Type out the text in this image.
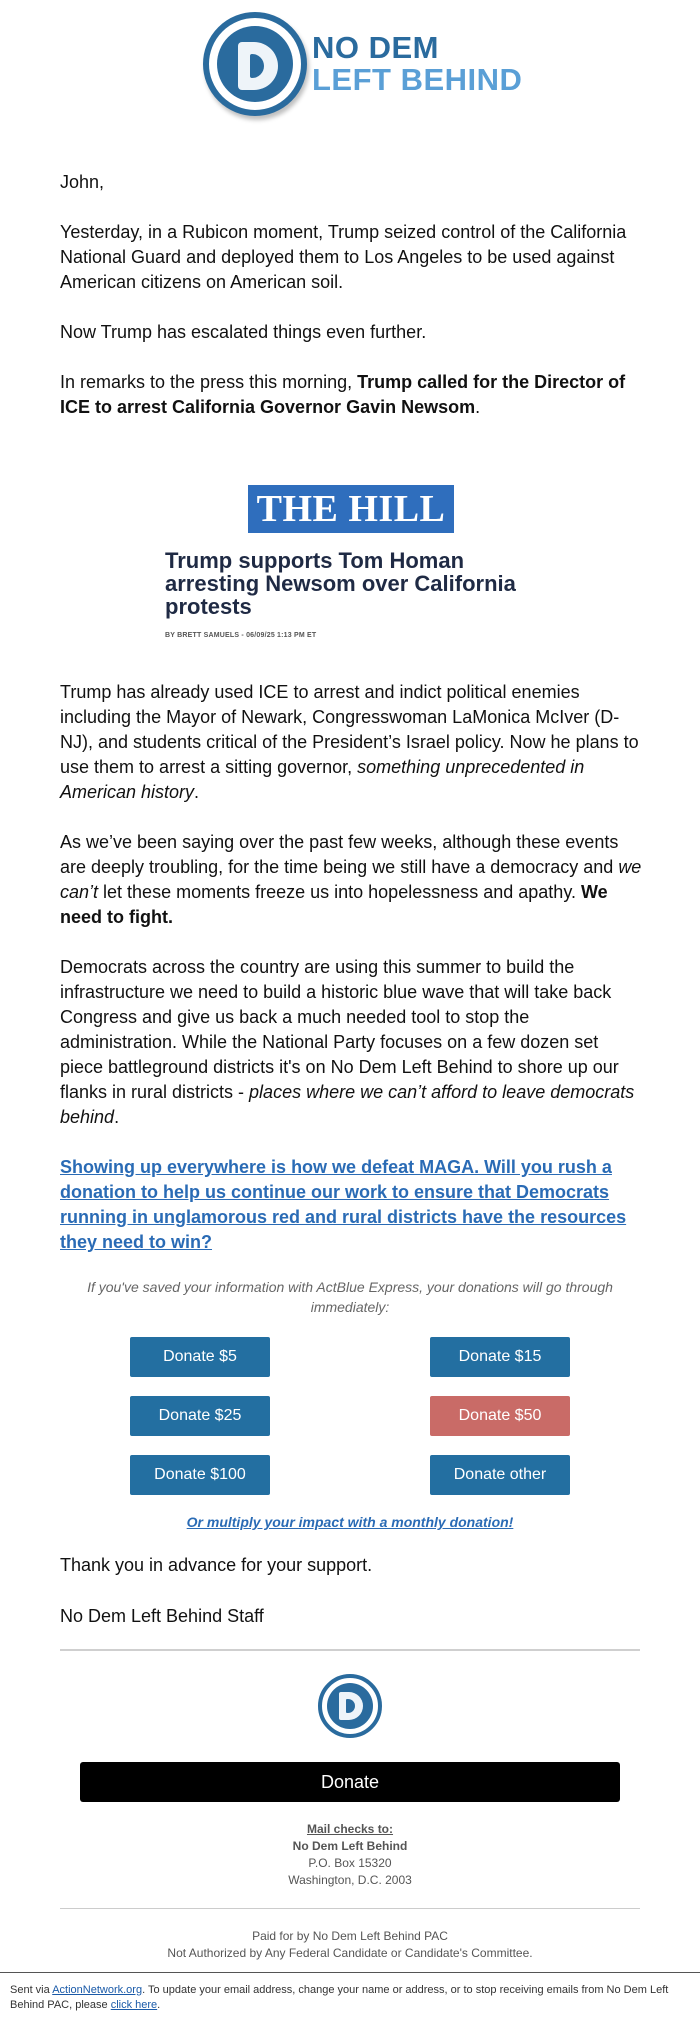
NO DEM
LEFT BEHIND
John,
Yesterday, in a Rubicon moment, Trump seized control of the California National Guard and deployed them to Los Angeles to be used against American citizens on American soil.
Now Trump has escalated things even further.
In remarks to the press this morning, Trump called for the Director of ICE to arrest California Governor Gavin Newsom.
THE HILL
Trump supports Tom Homan arresting Newsom over California protests
BY BRETT SAMUELS - 06/09/25 1:13 PM ET
Trump has already used ICE to arrest and indict political enemies including the Mayor of Newark, Congresswoman LaMonica McIver (D-NJ), and students critical of the President’s Israel policy. Now he plans to use them to arrest a sitting governor, something unprecedented in American history.
As we’ve been saying over the past few weeks, although these events are deeply troubling, for the time being we still have a democracy and we can’t let these moments freeze us into hopelessness and apathy. We need to fight.
Democrats across the country are using this summer to build the infrastructure we need to build a historic blue wave that will take back Congress and give us back a much needed tool to stop the administration. While the National Party focuses on a few dozen set piece battleground districts it's on No Dem Left Behind to shore up our flanks in rural districts - places where we can’t afford to leave democrats behind.
Showing up everywhere is how we defeat MAGA. Will you rush a donation to help us continue our work to ensure that Democrats running in unglamorous red and rural districts have the resources they need to win?
If you've saved your information with ActBlue Express, your donations will go through immediately:
Donate $5	Donate $15
Donate $25	Donate $50
Donate $100	Donate other
Or multiply your impact with a monthly donation!
Thank you in advance for your support.
No Dem Left Behind Staff
Donate
Mail checks to:
No Dem Left Behind
P.O. Box 15320
Washington, D.C. 2003
Paid for by No Dem Left Behind PAC
Not Authorized by Any Federal Candidate or Candidate's Committee.
Sent via ActionNetwork.org. To update your email address, change your name or address, or to stop receiving emails from No Dem Left Behind PAC, please click here.
